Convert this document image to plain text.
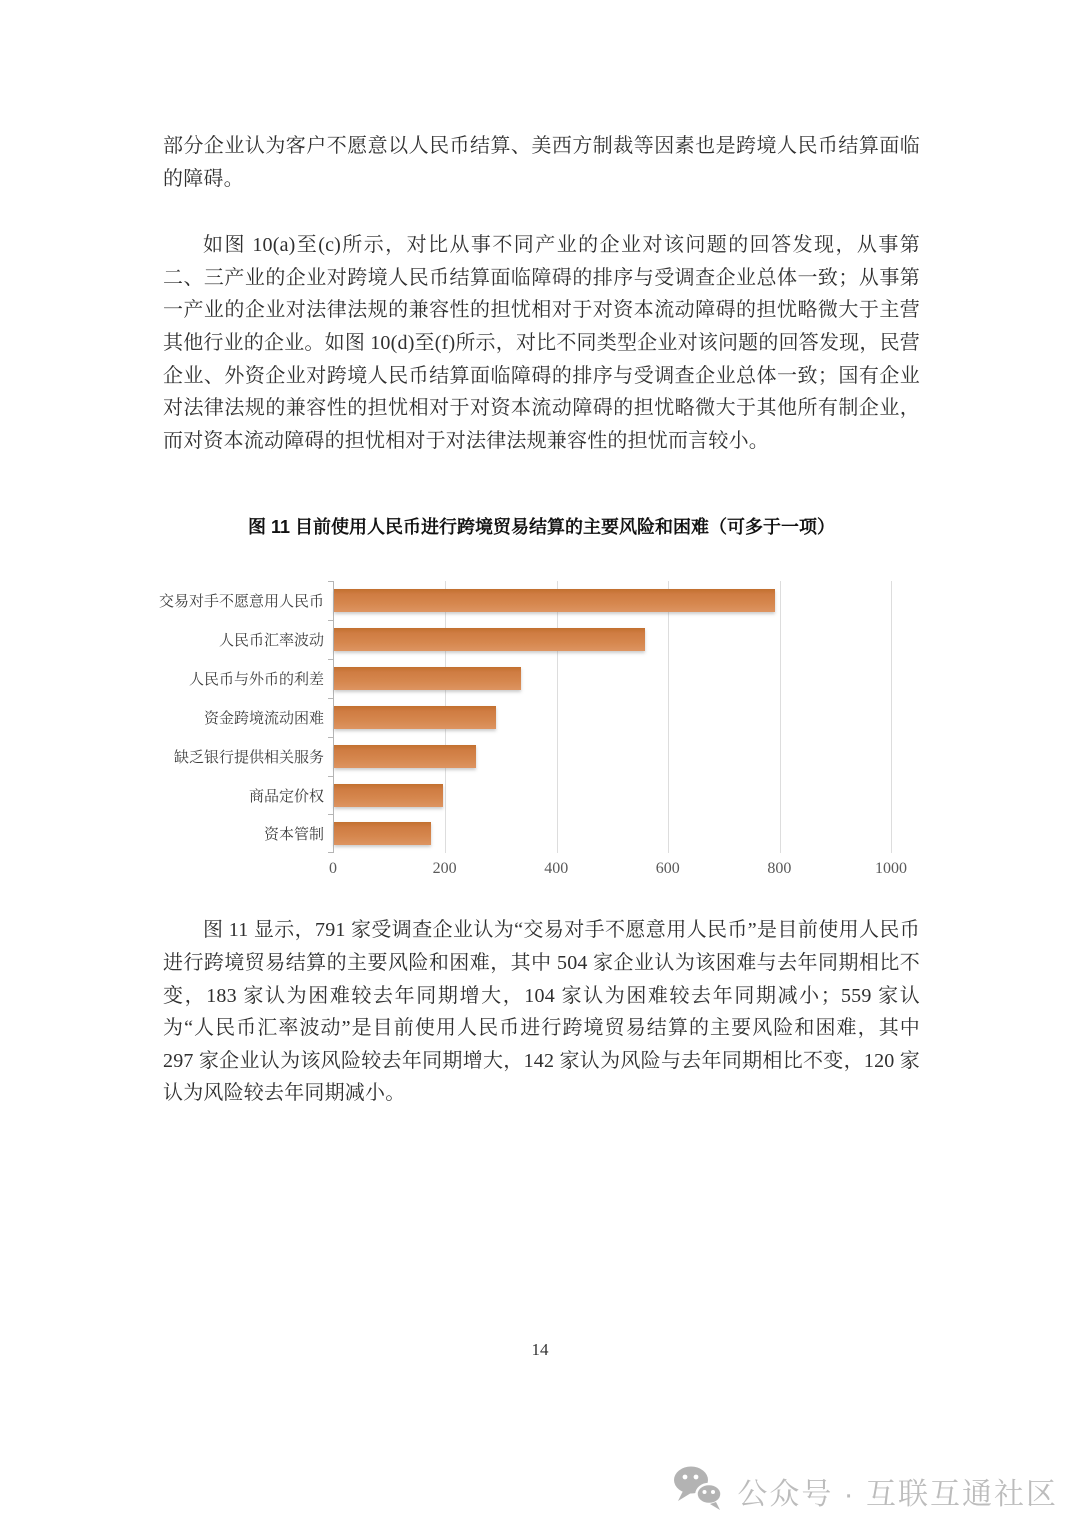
部分企业认为客户不愿意以人民币结算、美西方制裁等因素也是跨境人民币结算面临的障碍。

如图 10(a)至(c)所示，对比从事不同产业的企业对该问题的回答发现，从事第二、三产业的企业对跨境人民币结算面临障碍的排序与受调查企业总体一致；从事第一产业的企业对法律法规的兼容性的担忧相对于对资本流动障碍的担忧略微大于主营其他行业的企业。如图 10(d)至(f)所示，对比不同类型企业对该问题的回答发现，民营企业、外资企业对跨境人民币结算面临障碍的排序与受调查企业总体一致；国有企业对法律法规的兼容性的担忧相对于对资本流动障碍的担忧略微大于其他所有制企业，而对资本流动障碍的担忧相对于对法律法规兼容性的担忧而言较小。

图 11 目前使用人民币进行跨境贸易结算的主要风险和困难（可多于一项）
交易对手不愿意用人民币
人民币汇率波动
人民币与外币的利差
资金跨境流动困难
缺乏银行提供相关服务
商品定价权
资本管制
0	200	400	600	800	1000

图 11 显示，791 家受调查企业认为“交易对手不愿意用人民币”是目前使用人民币进行跨境贸易结算的主要风险和困难，其中 504 家企业认为该困难与去年同期相比不变，183 家认为困难较去年同期增大，104 家认为困难较去年同期减小；559 家认为“人民币汇率波动”是目前使用人民币进行跨境贸易结算的主要风险和困难，其中 297 家企业认为该风险较去年同期增大，142 家认为风险与去年同期相比不变，120 家认为风险较去年同期减小。

14
公众号 · 互联互通社区
